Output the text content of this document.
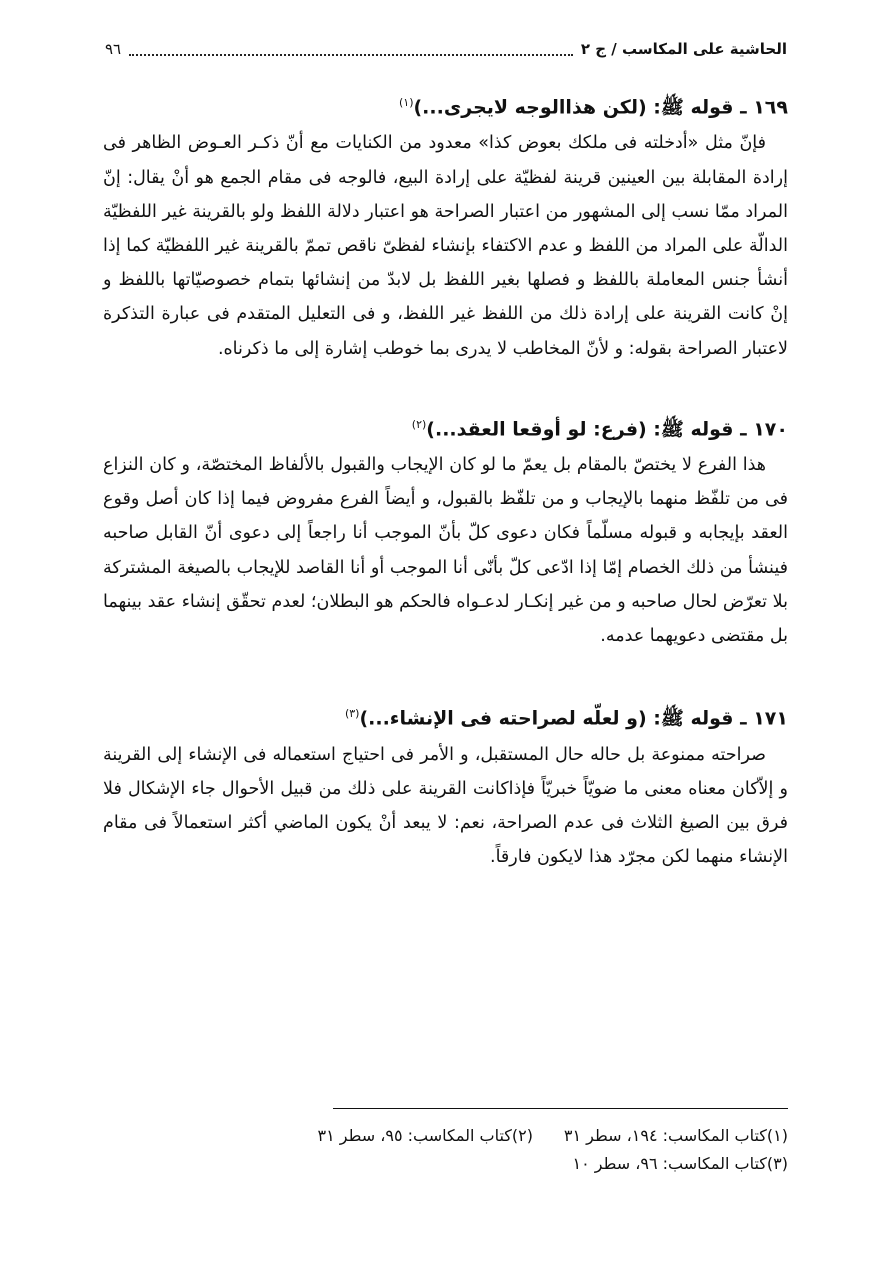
الحاشية على المكاسب / ج ٢
٩٦
١٦٩ ـ قوله ﷺ: (لكن هذاالوجه لايجرى...)$^{(١)}$
فإنّ مثل «أدخلته فى ملكك بعوض كذا» معدود من الكنايات مع أنّ ذكـر العـوض الظاهر فى إرادة المقابلة بين العينين قرينة لفظيّة على إرادة البيع، فالوجه فى مقام الجمع هو أنْ يقال: إنّ المراد ممّا نسب إلى المشهور من اعتبار الصراحة هو اعتبار دلالة اللفظ ولو بالقرينة غير اللفظيّة الدالّة على المراد من اللفظ و عدم الاكتفاء بإنشاء لفظىّ ناقص تممّ بالقرينة غير اللفظيّة كما إذا أنشأ جنس المعاملة باللفظ و فصلها بغير اللفظ بل لابدّ من إنشائها بتمام خصوصيّاتها باللفظ و إنْ كانت القرينة على إرادة ذلك من اللفظ غير اللفظ، و فى التعليل المتقدم فى عبارة التذكرة لاعتبار الصراحة بقوله: و لأنّ المخاطب لا يدرى بما خوطب إشارة إلى ما ذكرناه.
١٧٠ ـ قوله ﷺ: (فرع: لو أوقعا العقد...)$^{(٢)}$
هذا الفرع لا يختصّ بالمقام بل يعمّ ما لو كان الإيجاب والقبول بالألفاظ المختصّة، و كان النزاع فى من تلفّظ منهما بالإيجاب و من تلفّظ بالقبول، و أيضاً الفرع مفروض فيما إذا كان أصل وقوع العقد بإيجابه و قبوله مسلّماً فكان دعوى كلّ بأنّ الموجب أنا راجعاً إلى دعوى أنّ القابل صاحبه فينشأ من ذلك الخصام إمّا إذا ادّعى كلّ بأنّى أنا الموجب أو أنا القاصد للإيجاب بالصيغة المشتركة بلا تعرّض لحال صاحبه و من غير إنكـار لدعـواه فالحكم هو البطلان؛ لعدم تحقّق إنشاء عقد بينهما بل مقتضى دعويهما عدمه.
١٧١ ـ قوله ﷺ: (و لعلّه لصراحته فى الإنشاء...)$^{(٣)}$
صراحته ممنوعة بل حاله حال المستقبل، و الأمر فى احتياج استعماله فى الإنشاء إلى القرينة و إلاّكان معناه معنى ما ضويّاً خبريّاً فإذاكانت القرينة على ذلك من قبيل الأحوال جاء الإشكال فلا فرق بين الصيغ الثلاث فى عدم الصراحة، نعم: لا يبعد أنْ يكون الماضي أكثر استعمالاً فى مقام الإنشاء منهما لكن مجرّد هذا لايكون فارقاً.
(١)كتاب المكاسب: ١٩٤، سطر ٣١
(٢)كتاب المكاسب: ٩٥، سطر ٣١
(٣)كتاب المكاسب: ٩٦، سطر ١٠
